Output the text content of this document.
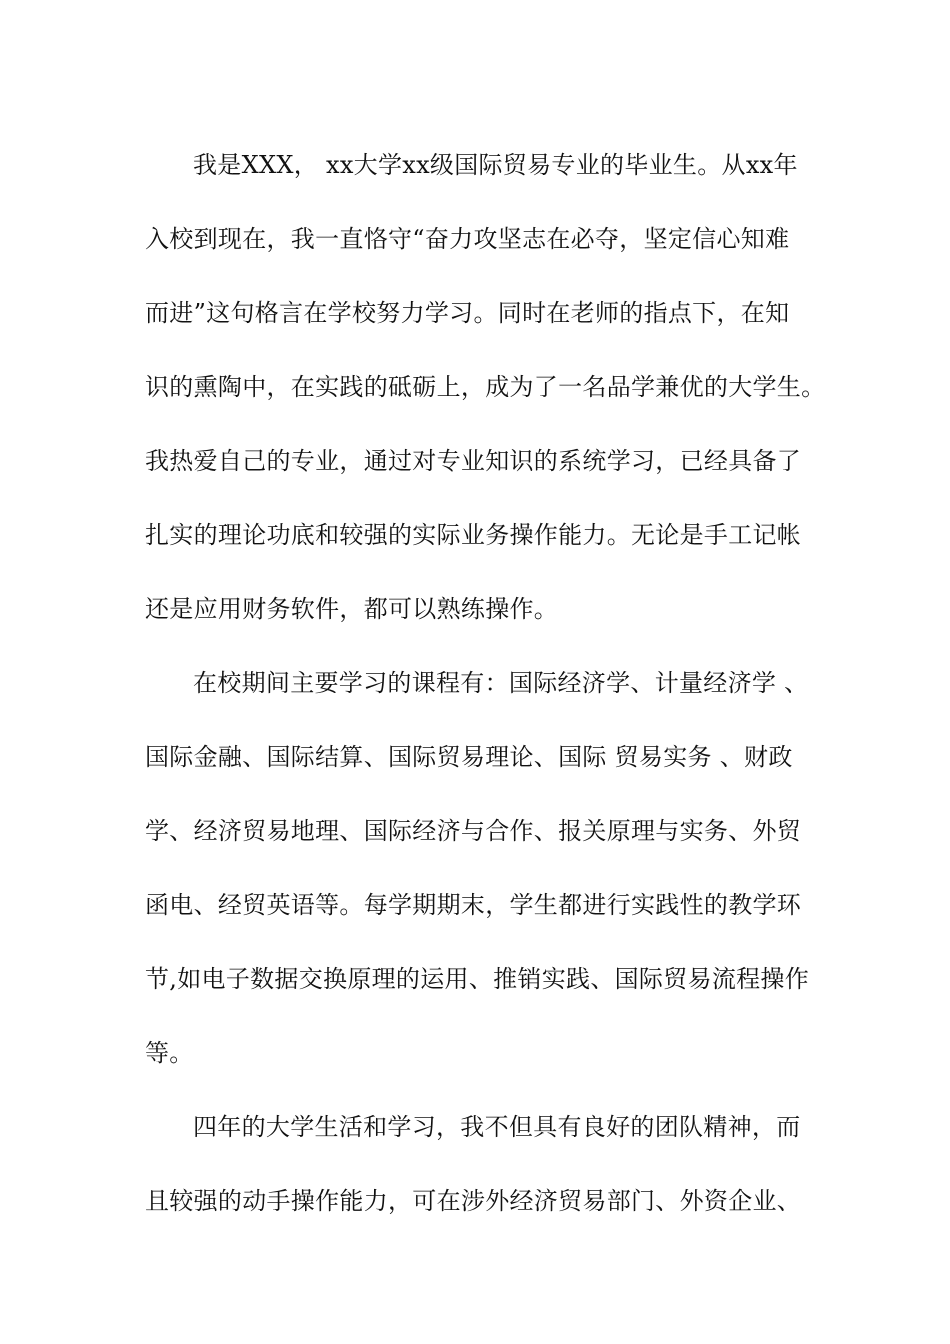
我是XXX， xx大学xx级国际贸易专业的毕业生。从xx年
入校到现在，我一直恪守“奋力攻坚志在必夺，坚定信心知难
而进”这句格言在学校努力学习。同时在老师的指点下，在知
识的熏陶中，在实践的砥砺上，成为了一名品学兼优的大学生。
我热爱自己的专业，通过对专业知识的系统学习，已经具备了
扎实的理论功底和较强的实际业务操作能力。无论是手工记帐
还是应用财务软件，都可以熟练操作。
在校期间主要学习的课程有：国际经济学、计量经济学 、
国际金融、国际结算、国际贸易理论、国际 贸易实务 、财政
学、经济贸易地理、国际经济与合作、报关原理与实务、外贸
函电、经贸英语等。每学期期末，学生都进行实践性的教学环
节,如电子数据交换原理的运用、推销实践、国际贸易流程操作
等。
四年的大学生活和学习，我不但具有良好的团队精神，而
且较强的动手操作能力，可在涉外经济贸易部门、外资企业、
